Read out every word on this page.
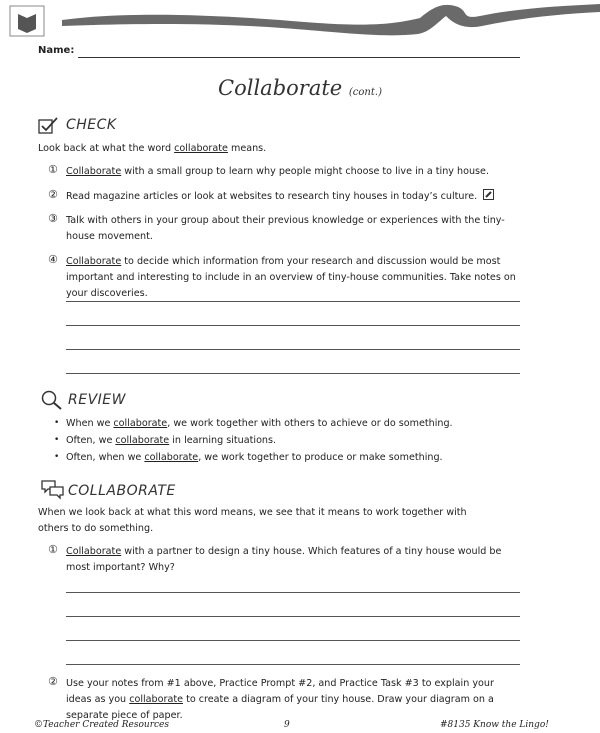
Name:
Collaborate (cont.)
CHECK
Look back at what the word collaborate means.
① Collaborate with a small group to learn why people might choose to live in a tiny house.
② Read magazine articles or look at websites to research tiny houses in today’s culture.
③ Talk with others in your group about their previous knowledge or experiences with the tiny-house movement.
④ Collaborate to decide which information from your research and discussion would be most important and interesting to include in an overview of tiny-house communities. Take notes on your discoveries.
REVIEW
• When we collaborate, we work together with others to achieve or do something.
• Often, we collaborate in learning situations.
• Often, when we collaborate, we work together to produce or make something.
COLLABORATE
When we look back at what this word means, we see that it means to work together with others to do something.
① Collaborate with a partner to design a tiny house. Which features of a tiny house would be most important? Why?
② Use your notes from #1 above, Practice Prompt #2, and Practice Task #3 to explain your ideas as you collaborate to create a diagram of your tiny house. Draw your diagram on a separate piece of paper.
©Teacher Created Resources	9	#8135 Know the Lingo!
